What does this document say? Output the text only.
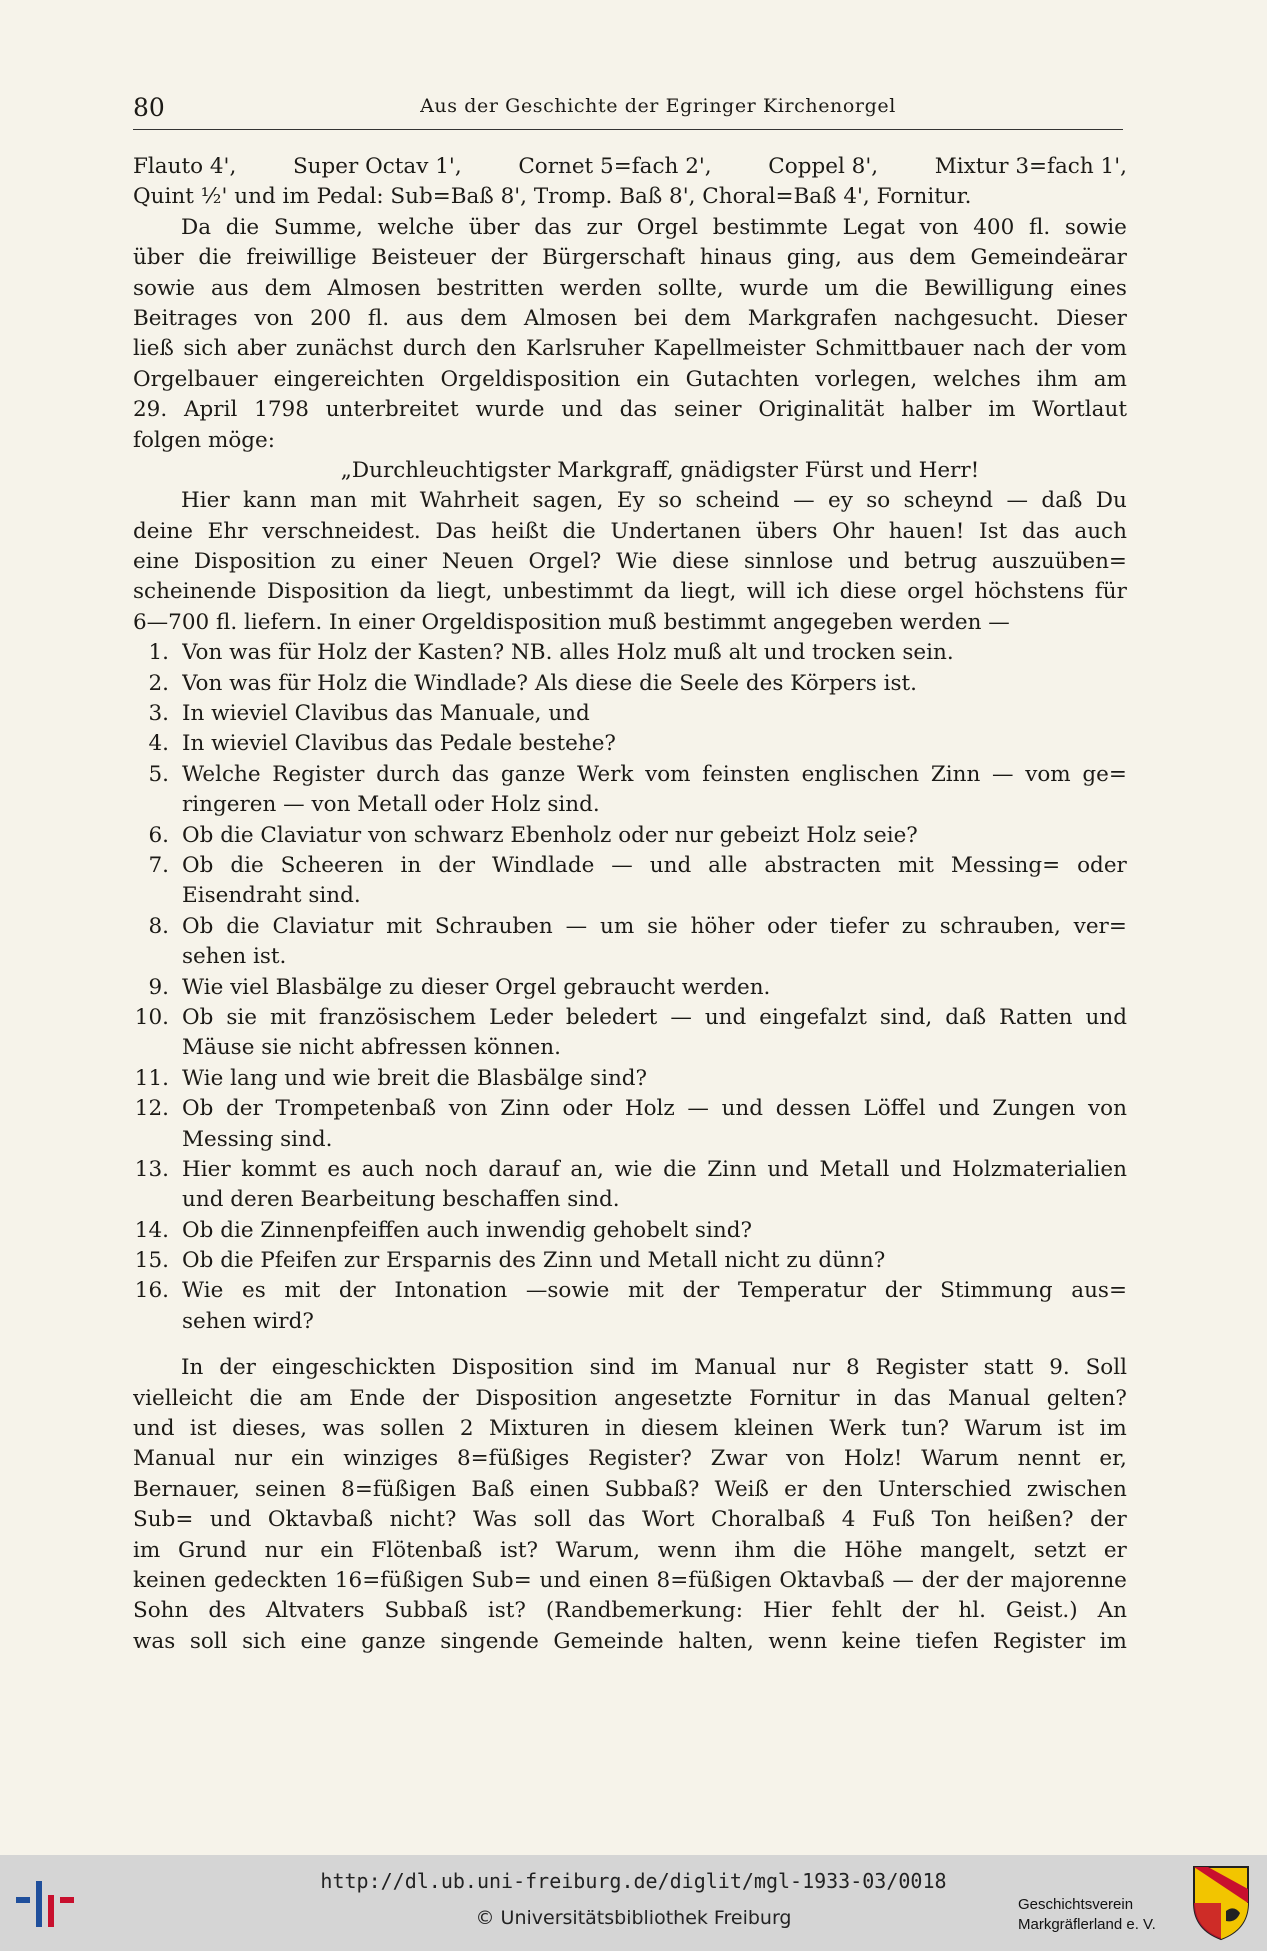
80	Aus der Geschichte der Egringer Kirchenorgel
Flauto 4',	Super Octav 1',	Cornet 5=fach 2',	Coppel 8',	Mixtur 3=fach 1',
Quint ½' und im Pedal: Sub=Baß 8', Tromp. Baß 8', Choral=Baß 4', Fornitur.
Da die Summe, welche über das zur Orgel bestimmte Legat von 400 fl. sowie
über die freiwillige Beisteuer der Bürgerschaft hinaus ging, aus dem Gemeindeärar
sowie aus dem Almosen bestritten werden sollte, wurde um die Bewilligung eines
Beitrages von 200 fl. aus dem Almosen bei dem Markgrafen nachgesucht. Dieser
ließ sich aber zunächst durch den Karlsruher Kapellmeister Schmittbauer nach der vom
Orgelbauer eingereichten Orgeldisposition ein Gutachten vorlegen, welches ihm am
29. April 1798 unterbreitet wurde und das seiner Originalität halber im Wortlaut
folgen möge:
„Durchleuchtigster Markgraff, gnädigster Fürst und Herr!
Hier kann man mit Wahrheit sagen, Ey so scheind — ey so scheynd — daß Du
deine Ehr verschneidest. Das heißt die Undertanen übers Ohr hauen! Ist das auch
eine Disposition zu einer Neuen Orgel? Wie diese sinnlose und betrug auszuüben=
scheinende Disposition da liegt, unbestimmt da liegt, will ich diese orgel höchstens für
6—700 fl. liefern. In einer Orgeldisposition muß bestimmt angegeben werden —
1. Von was für Holz der Kasten? NB. alles Holz muß alt und trocken sein.
2. Von was für Holz die Windlade? Als diese die Seele des Körpers ist.
3. In wieviel Clavibus das Manuale, und
4. In wieviel Clavibus das Pedale bestehe?
5. Welche Register durch das ganze Werk vom feinsten englischen Zinn — vom ge=
ringeren — von Metall oder Holz sind.
6. Ob die Claviatur von schwarz Ebenholz oder nur gebeizt Holz seie?
7. Ob die Scheeren in der Windlade — und alle abstracten mit Messing= oder
Eisendraht sind.
8. Ob die Claviatur mit Schrauben — um sie höher oder tiefer zu schrauben, ver=
sehen ist.
9. Wie viel Blasbälge zu dieser Orgel gebraucht werden.
10. Ob sie mit französischem Leder beledert — und eingefalzt sind, daß Ratten und
Mäuse sie nicht abfressen können.
11. Wie lang und wie breit die Blasbälge sind?
12. Ob der Trompetenbaß von Zinn oder Holz — und dessen Löffel und Zungen von
Messing sind.
13. Hier kommt es auch noch darauf an, wie die Zinn und Metall und Holzmaterialien
und deren Bearbeitung beschaffen sind.
14. Ob die Zinnenpfeiffen auch inwendig gehobelt sind?
15. Ob die Pfeifen zur Ersparnis des Zinn und Metall nicht zu dünn?
16. Wie es mit der Intonation —sowie mit der Temperatur der Stimmung aus=
sehen wird?
In der eingeschickten Disposition sind im Manual nur 8 Register statt 9. Soll
vielleicht die am Ende der Disposition angesetzte Fornitur in das Manual gelten?
und ist dieses, was sollen 2 Mixturen in diesem kleinen Werk tun? Warum ist im
Manual nur ein winziges 8=füßiges Register? Zwar von Holz! Warum nennt er,
Bernauer, seinen 8=füßigen Baß einen Subbaß? Weiß er den Unterschied zwischen
Sub= und Oktavbaß nicht? Was soll das Wort Choralbaß 4 Fuß Ton heißen? der
im Grund nur ein Flötenbaß ist? Warum, wenn ihm die Höhe mangelt, setzt er
keinen gedeckten 16=füßigen Sub= und einen 8=füßigen Oktavbaß — der der majorenne
Sohn des Altvaters Subbaß ist? (Randbemerkung: Hier fehlt der hl. Geist.) An
was soll sich eine ganze singende Gemeinde halten, wenn keine tiefen Register im
http://dl.ub.uni-freiburg.de/diglit/mgl-1933-03/0018
© Universitätsbibliothek Freiburg
Geschichtsverein
Markgräflerland e. V.
